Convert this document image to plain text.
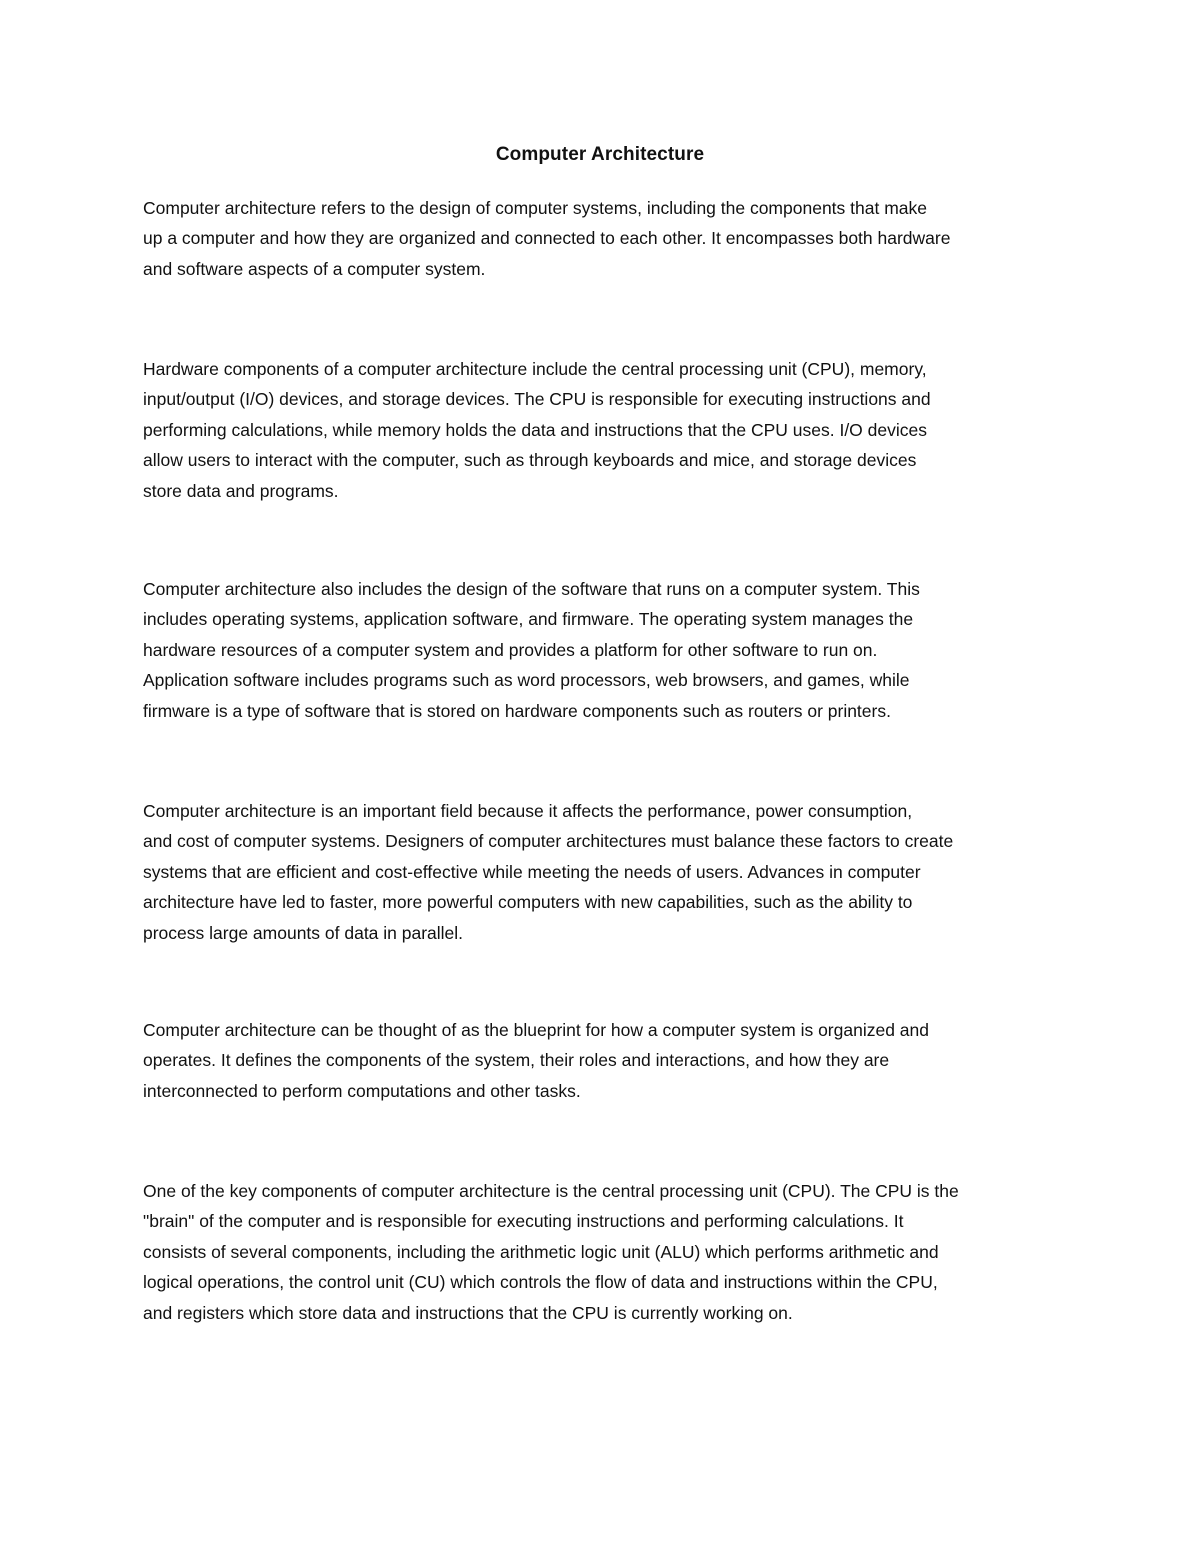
Computer Architecture

Computer architecture refers to the design of computer systems, including the components that make
up a computer and how they are organized and connected to each other. It encompasses both hardware
and software aspects of a computer system.

Hardware components of a computer architecture include the central processing unit (CPU), memory,
input/output (I/O) devices, and storage devices. The CPU is responsible for executing instructions and
performing calculations, while memory holds the data and instructions that the CPU uses. I/O devices
allow users to interact with the computer, such as through keyboards and mice, and storage devices
store data and programs.

Computer architecture also includes the design of the software that runs on a computer system. This
includes operating systems, application software, and firmware. The operating system manages the
hardware resources of a computer system and provides a platform for other software to run on.
Application software includes programs such as word processors, web browsers, and games, while
firmware is a type of software that is stored on hardware components such as routers or printers.

Computer architecture is an important field because it affects the performance, power consumption,
and cost of computer systems. Designers of computer architectures must balance these factors to create
systems that are efficient and cost-effective while meeting the needs of users. Advances in computer
architecture have led to faster, more powerful computers with new capabilities, such as the ability to
process large amounts of data in parallel.

Computer architecture can be thought of as the blueprint for how a computer system is organized and
operates. It defines the components of the system, their roles and interactions, and how they are
interconnected to perform computations and other tasks.

One of the key components of computer architecture is the central processing unit (CPU). The CPU is the
"brain" of the computer and is responsible for executing instructions and performing calculations. It
consists of several components, including the arithmetic logic unit (ALU) which performs arithmetic and
logical operations, the control unit (CU) which controls the flow of data and instructions within the CPU,
and registers which store data and instructions that the CPU is currently working on.
